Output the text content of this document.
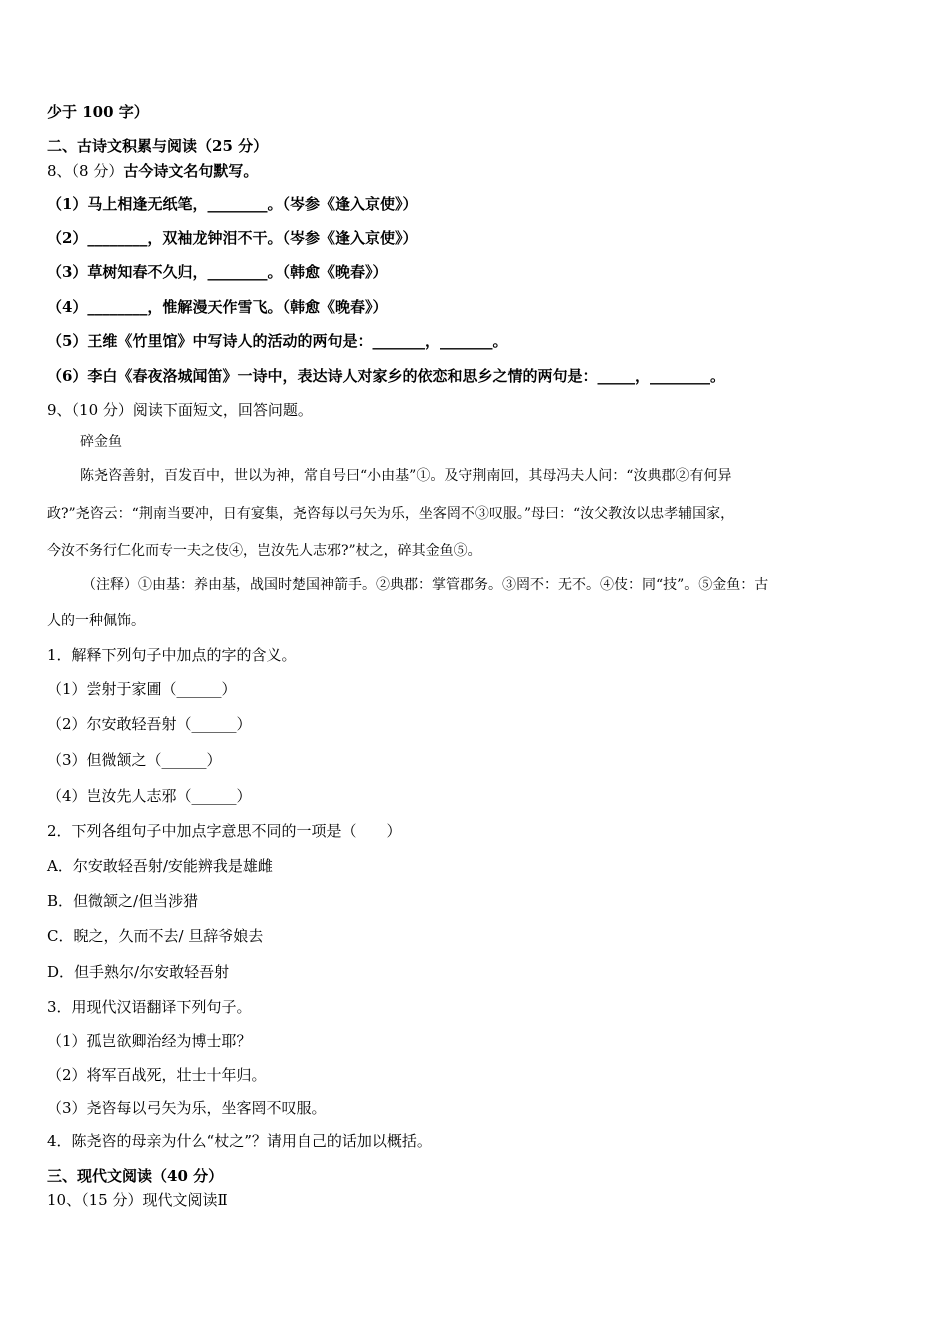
少于 100 字）
二、古诗文积累与阅读（25 分）
8、（8 分）古今诗文名句默写。
（1）马上相逢无纸笔，________。（岑参《逢入京使》）
（2）________，双袖龙钟泪不干。（岑参《逢入京使》）
（3）草树知春不久归，________。（韩愈《晚春》）
（4）________，惟解漫天作雪飞。（韩愈《晚春》）
（5）王维《竹里馆》中写诗人的活动的两句是：_______，_______。
（6）李白《春夜洛城闻笛》一诗中，表达诗人对家乡的依恋和思乡之情的两句是：_____，________。
9、（10 分）阅读下面短文，回答问题。
碎金鱼
陈尧咨善射，百发百中，世以为神，常自号曰“小由基”①。及守荆南回，其母冯夫人问：“汝典郡②有何异
政?”尧咨云：“荆南当要冲，日有宴集，尧咨每以弓矢为乐，坐客罔不③叹服。”母曰：“汝父教汝以忠孝辅国家，
今汝不务行仁化而专一夫之伎④，岂汝先人志邪?”杖之，碎其金鱼⑤。
（注释）①由基：养由基，战国时楚国神箭手。②典郡：掌管郡务。③罔不：无不。④伎：同“技”。⑤金鱼：古
人的一种佩饰。
1．解释下列句子中加点的字的含义。
（1）尝射于家圃（______）
（2）尔安敢轻吾射（______）
（3）但微颔之（______）
（4）岂汝先人志邪（______）
2．下列各组句子中加点字意思不同的一项是（　　）
A．尔安敢轻吾射/安能辨我是雄雌
B．但微颔之/但当涉猎
C．睨之，久而不去/ 旦辞爷娘去
D．但手熟尔/尔安敢轻吾射
3．用现代汉语翻译下列句子。
（1）孤岂欲卿治经为博士耶？
（2）将军百战死，壮士十年归。
（3）尧咨每以弓矢为乐，坐客罔不叹服。
4．陈尧咨的母亲为什么“杖之”？请用自己的话加以概括。
三、现代文阅读（40 分）
10、（15 分）现代文阅读Ⅱ
